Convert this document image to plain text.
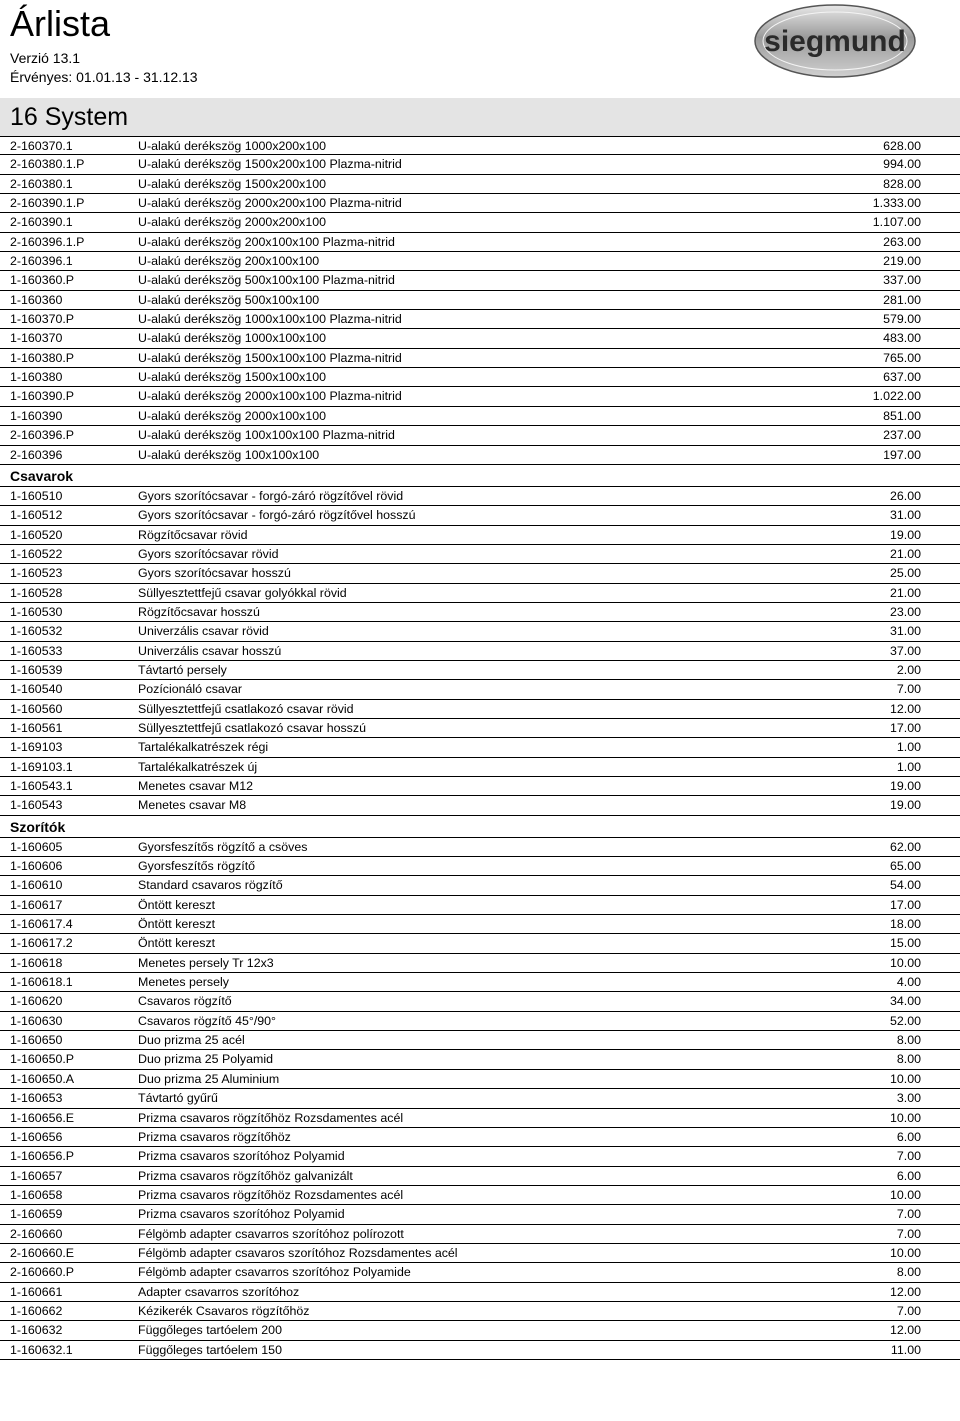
Árlista
Verzió 13.1
Érvényes: 01.01.13 - 31.12.13
siegmund
16 System
2-160370.1	U-alakú derékszög 1000x200x100	628.00
2-160380.1.P	U-alakú derékszög 1500x200x100 Plazma-nitrid	994.00
2-160380.1	U-alakú derékszög 1500x200x100	828.00
2-160390.1.P	U-alakú derékszög 2000x200x100 Plazma-nitrid	1.333.00
2-160390.1	U-alakú derékszög 2000x200x100	1.107.00
2-160396.1.P	U-alakú derékszög 200x100x100 Plazma-nitrid	263.00
2-160396.1	U-alakú derékszög 200x100x100	219.00
1-160360.P	U-alakú derékszög 500x100x100 Plazma-nitrid	337.00
1-160360	U-alakú derékszög 500x100x100	281.00
1-160370.P	U-alakú derékszög 1000x100x100 Plazma-nitrid	579.00
1-160370	U-alakú derékszög 1000x100x100	483.00
1-160380.P	U-alakú derékszög 1500x100x100 Plazma-nitrid	765.00
1-160380	U-alakú derékszög 1500x100x100	637.00
1-160390.P	U-alakú derékszög 2000x100x100 Plazma-nitrid	1.022.00
1-160390	U-alakú derékszög 2000x100x100	851.00
2-160396.P	U-alakú derékszög 100x100x100 Plazma-nitrid	237.00
2-160396	U-alakú derékszög 100x100x100	197.00
Csavarok
1-160510	Gyors szorítócsavar - forgó-záró rögzítővel rövid	26.00
1-160512	Gyors szorítócsavar - forgó-záró rögzítővel hosszú	31.00
1-160520	Rögzítőcsavar rövid	19.00
1-160522	Gyors szorítócsavar rövid	21.00
1-160523	Gyors szorítócsavar hosszú	25.00
1-160528	Süllyesztettfejű csavar golyókkal rövid	21.00
1-160530	Rögzítőcsavar hosszú	23.00
1-160532	Univerzális csavar rövid	31.00
1-160533	Univerzális csavar hosszú	37.00
1-160539	Távtartó persely	2.00
1-160540	Pozícionáló csavar	7.00
1-160560	Süllyesztettfejű csatlakozó csavar rövid	12.00
1-160561	Süllyesztettfejű csatlakozó csavar hosszú	17.00
1-169103	Tartalékalkatrészek régi	1.00
1-169103.1	Tartalékalkatrészek új	1.00
1-160543.1	Menetes csavar M12	19.00
1-160543	Menetes csavar M8	19.00
Szorítók
1-160605	Gyorsfeszítős rögzítő a csöves	62.00
1-160606	Gyorsfeszítős rögzítő	65.00
1-160610	Standard csavaros rögzítő	54.00
1-160617	Öntött kereszt	17.00
1-160617.4	Öntött kereszt	18.00
1-160617.2	Öntött kereszt	15.00
1-160618	Menetes persely Tr 12x3	10.00
1-160618.1	Menetes persely	4.00
1-160620	Csavaros rögzítő	34.00
1-160630	Csavaros rögzítő 45°/90°	52.00
1-160650	Duo prizma 25 acél	8.00
1-160650.P	Duo prizma 25 Polyamid	8.00
1-160650.A	Duo prizma 25 Aluminium	10.00
1-160653	Távtartó gyűrű	3.00
1-160656.E	Prizma csavaros rögzítőhöz Rozsdamentes acél	10.00
1-160656	Prizma csavaros rögzítőhöz	6.00
1-160656.P	Prizma csavaros szorítóhoz Polyamid	7.00
1-160657	Prizma csavaros rögzítőhöz galvanizált	6.00
1-160658	Prizma csavaros rögzítőhöz Rozsdamentes acél	10.00
1-160659	Prizma csavaros szorítóhoz Polyamid	7.00
2-160660	Félgömb adapter csavarros szorítóhoz polírozott	7.00
2-160660.E	Félgömb adapter csavaros szorítóhoz Rozsdamentes acél	10.00
2-160660.P	Félgömb adapter csavarros szorítóhoz Polyamide	8.00
1-160661	Adapter csavarros szorítóhoz	12.00
1-160662	Kézikerék Csavaros rögzítőhöz	7.00
1-160632	Függőleges tartóelem 200	12.00
1-160632.1	Függőleges tartóelem 150	11.00
